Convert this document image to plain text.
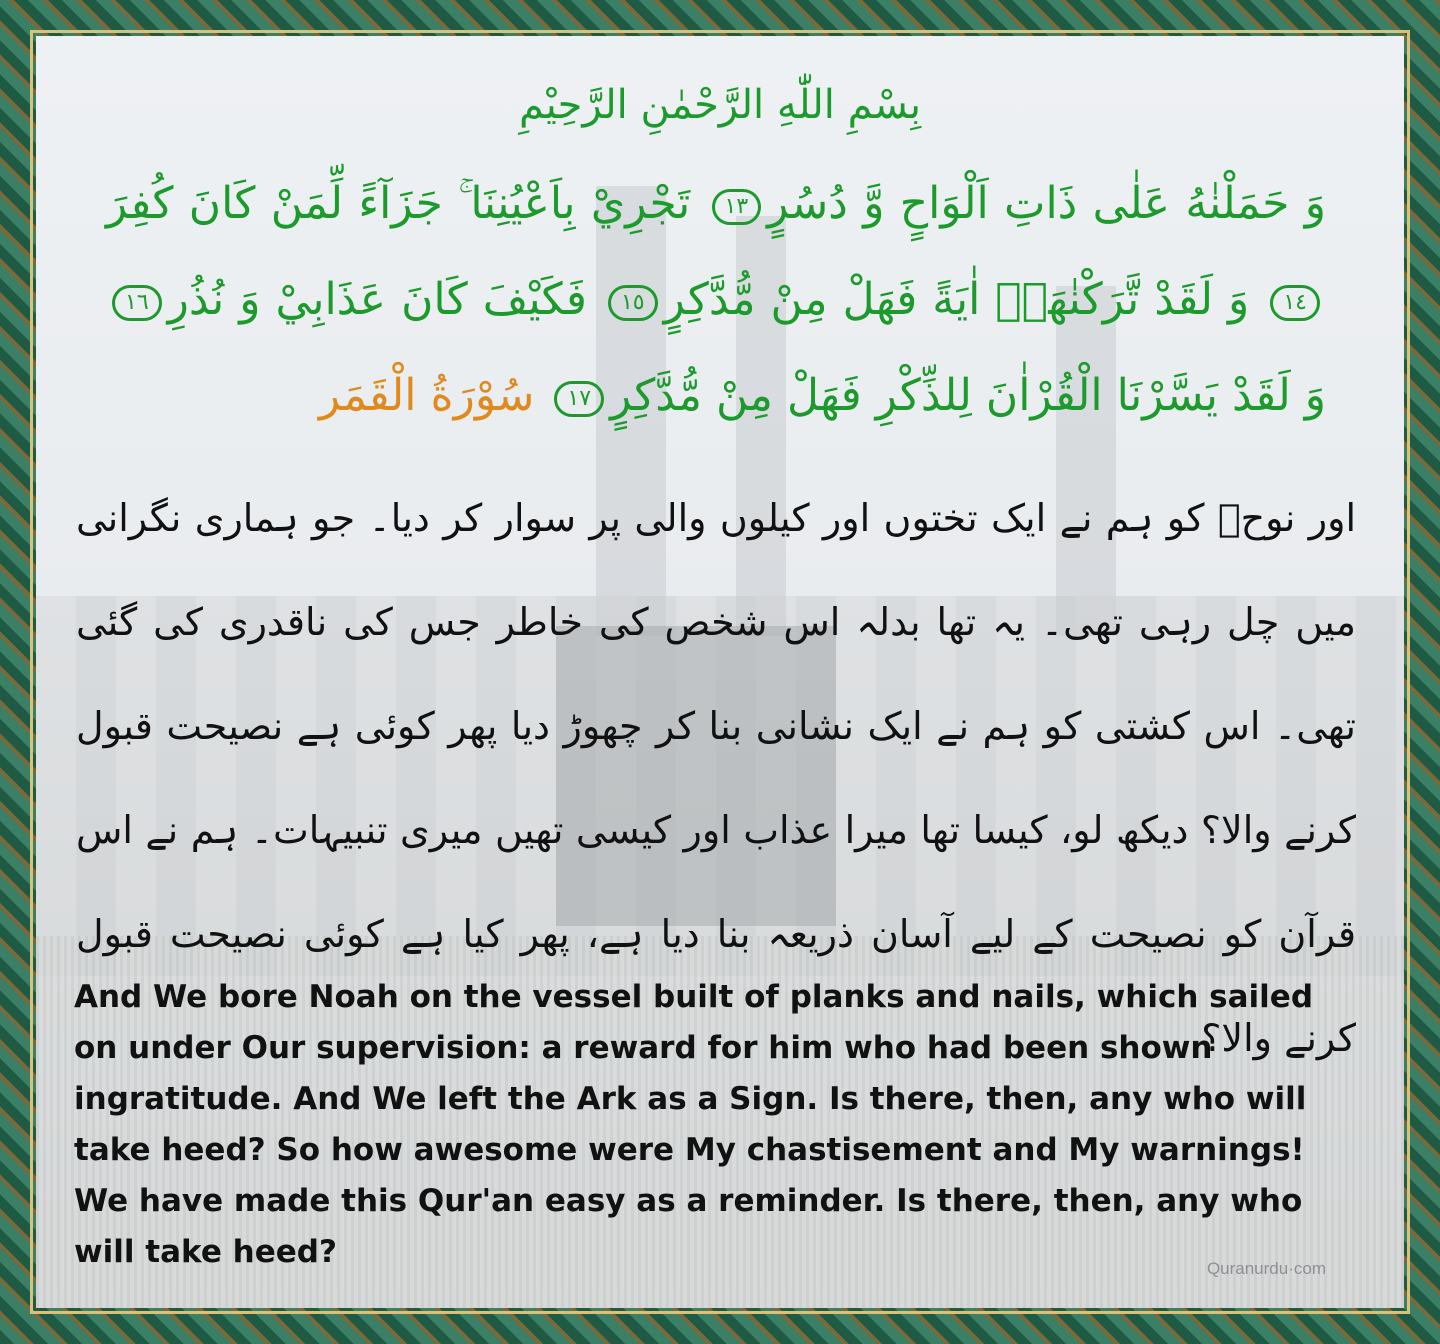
بِسْمِ اللّٰهِ الرَّحْمٰنِ الرَّحِيْمِ
وَ حَمَلْنٰهُ عَلٰى ذَاتِ اَلْوَاحٍ وَّ دُسُرٍ١٣ تَجْرِيْ بِاَعْيُنِنَا ۚ جَزَآءً لِّمَنْ كَانَ كُفِرَ١٤ وَ لَقَدْ تَّرَكْنٰهَاۤ اٰيَةً فَهَلْ مِنْ مُّدَّكِرٍ١٥ فَكَيْفَ كَانَ عَذَابِيْ وَ نُذُرِ١٦ وَ لَقَدْ يَسَّرْنَا الْقُرْاٰنَ لِلذِّكْرِ فَهَلْ مِنْ مُّدَّكِرٍ١٧ سُوْرَةُ الْقَمَر
اور نوحؑ کو ہم نے ایک تختوں اور کیلوں والی پر سوار کر دیا۔ جو ہماری نگرانی میں چل رہی تھی۔ یہ تھا بدلہ اس شخص کی خاطر جس کی ناقدری کی گئی تھی۔ اس کشتی کو ہم نے ایک نشانی بنا کر چھوڑ دیا پھر کوئی ہے نصیحت قبول کرنے والا؟ دیکھ لو، کیسا تھا میرا عذاب اور کیسی تھیں میری تنبیہات۔ ہم نے اس قرآن کو نصیحت کے لیے آسان ذریعہ بنا دیا ہے، پھر کیا ہے کوئی نصیحت قبول کرنے والا؟
And We bore Noah on the vessel built of planks and nails, which sailed on under Our supervision: a reward for him who had been shown ingratitude. And We left the Ark as a Sign. Is there, then, any who will take heed? So how awesome were My chastisement and My warnings! We have made this Qur'an easy as a reminder. Is there, then, any who will take heed?	Quranurdu·com
